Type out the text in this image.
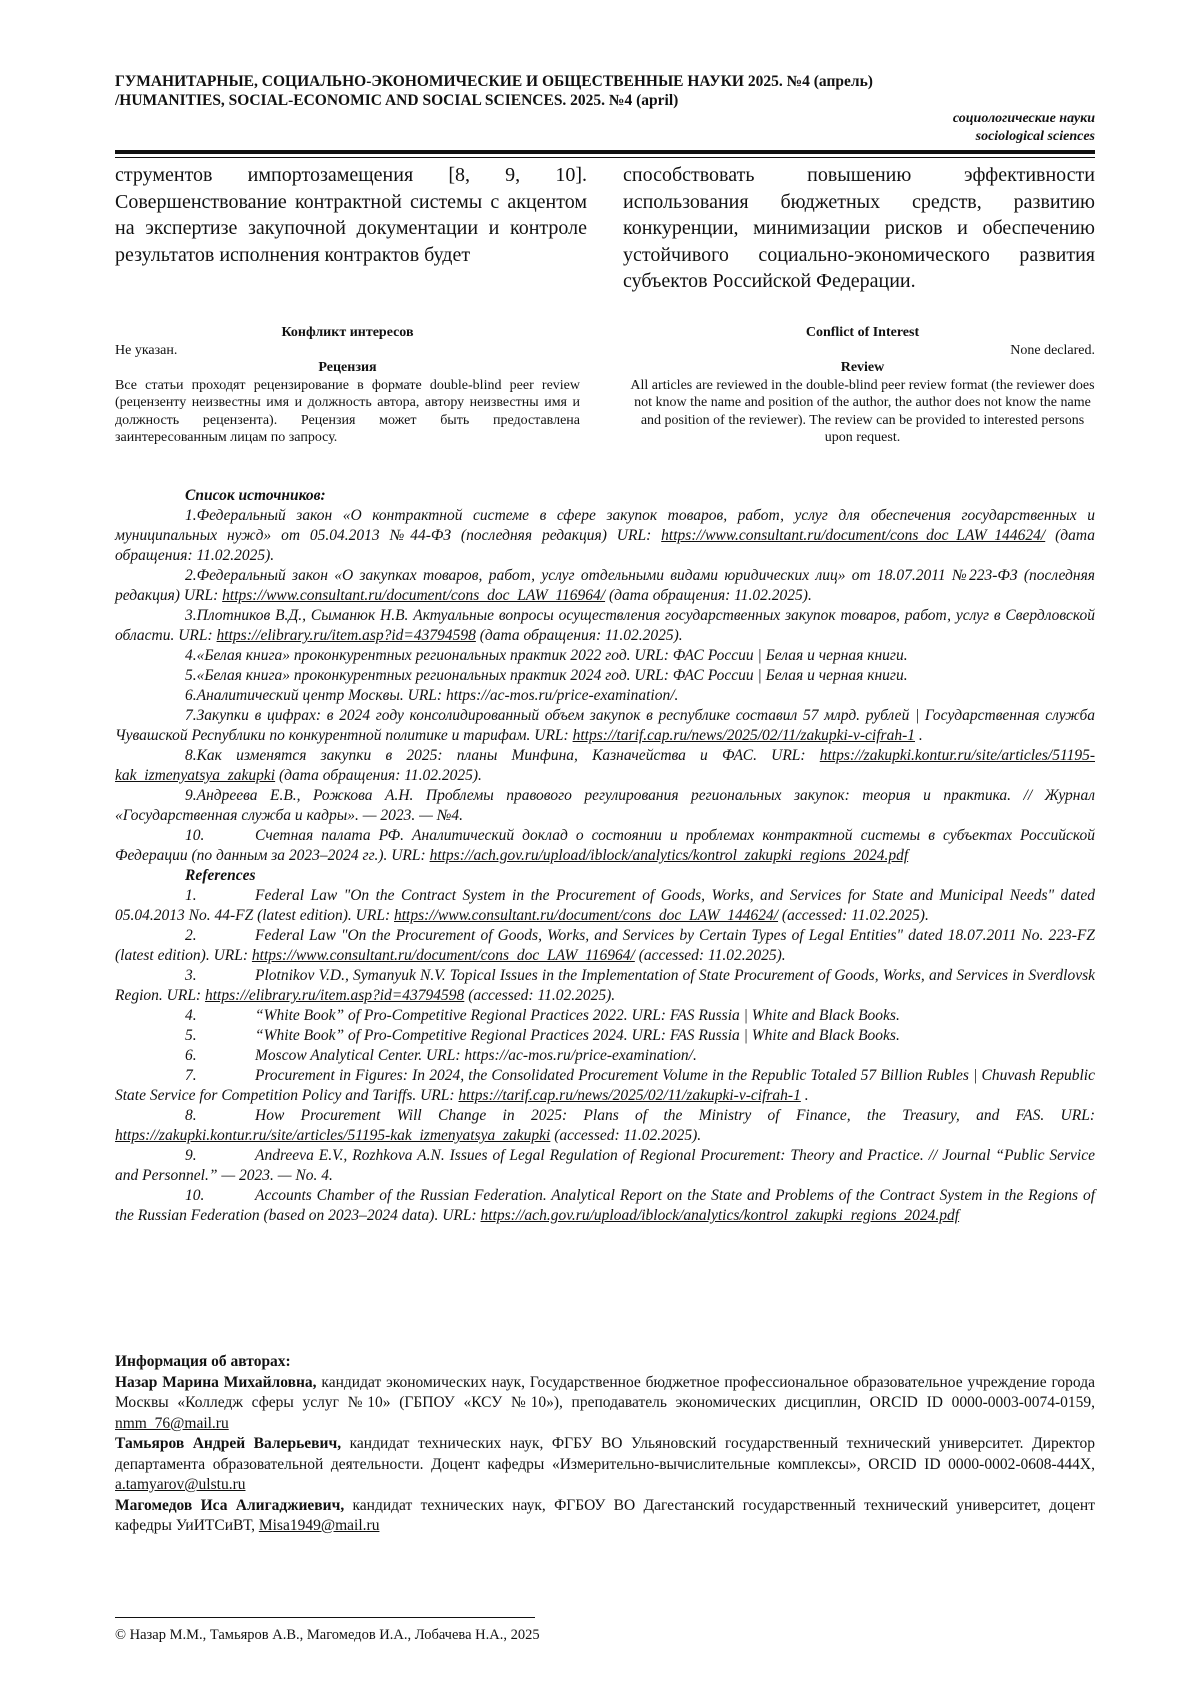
ГУМАНИТАРНЫЕ, СОЦИАЛЬНО-ЭКОНОМИЧЕСКИЕ И ОБЩЕСТВЕННЫЕ НАУКИ 2025. №4 (апрель)

/HUMANITIES, SOCIAL-ECONOMIC AND SOCIAL SCIENCES. 2025. №4 (april)

социологические науки
sociological sciences
струментов импортозамещения [8, 9, 10]. Совершенствование контрактной системы с акцентом на экспертизе закупочной документации и контроле результатов исполнения контрактов будет
способствовать повышению эффективности использования бюджетных средств, развитию конкуренции, минимизации рисков и обеспечению устойчивого социально-экономического развития субъектов Российской Федерации.
Конфликт интересов
Не указан.
Рецензия
Все статьи проходят рецензирование в формате double-blind peer review (рецензенту неизвестны имя и должность автора, автору неизвестны имя и должность рецензента). Рецензия может быть предоставлена заинтересованным лицам по запросу.
Conflict of Interest
None declared.
Review
All articles are reviewed in the double-blind peer review format (the reviewer does not know the name and position of the author, the author does not know the name and position of the reviewer). The review can be provided to interested persons upon request.
Список источников:

1.Федеральный закон «О контрактной системе в сфере закупок товаров, работ, услуг для обеспечения государственных и муниципальных нужд» от 05.04.2013 №44-ФЗ (последняя редакция) URL: https://www.consultant.ru/document/cons_doc_LAW_144624/ (дата обращения: 11.02.2025).

2.Федеральный закон «О закупках товаров, работ, услуг отдельными видами юридических лиц» от 18.07.2011 №223-ФЗ (последняя редакция) URL: https://www.consultant.ru/document/cons_doc_LAW_116964/ (дата обращения: 11.02.2025).

3.Плотников В.Д., Сыманюк Н.В. Актуальные вопросы осуществления государственных закупок товаров, работ, услуг в Свердловской области. URL: https://elibrary.ru/item.asp?id=43794598 (дата обращения: 11.02.2025).

4.«Белая книга» проконкурентных региональных практик 2022 год. URL: ФАС России | Белая и черная книги.

5.«Белая книга» проконкурентных региональных практик 2024 год. URL: ФАС России | Белая и черная книги.

6.Аналитический центр Москвы. URL: https://ac-mos.ru/price-examination/.

7.Закупки в цифрах: в 2024 году консолидированный объем закупок в республике составил 57 млрд. рублей | Государственная служба Чувашской Республики по конкурентной политике и тарифам. URL: https://tarif.cap.ru/news/2025/02/11/zakupki-v-cifrah-1 .

8.Как изменятся закупки в 2025: планы Минфина, Казначейства и ФАС. URL: https://zakupki.kontur.ru/site/articles/51195-kak_izmenyatsya_zakupki (дата обращения: 11.02.2025).

9.Андреева Е.В., Рожкова А.Н. Проблемы правового регулирования региональных закупок: теория и практика. // Журнал «Государственная служба и кадры». — 2023. — №4.

10.	Счетная палата РФ. Аналитический доклад о состоянии и проблемах контрактной системы в субъектах Российской Федерации (по данным за 2023–2024 гг.). URL: https://ach.gov.ru/upload/iblock/analytics/kontrol_zakupki_regions_2024.pdf

References

1.	Federal Law "On the Contract System in the Procurement of Goods, Works, and Services for State and Municipal Needs" dated 05.04.2013 No. 44-FZ (latest edition). URL: https://www.consultant.ru/document/cons_doc_LAW_144624/ (accessed: 11.02.2025).

2.	Federal Law "On the Procurement of Goods, Works, and Services by Certain Types of Legal Entities" dated 18.07.2011 No. 223-FZ (latest edition). URL: https://www.consultant.ru/document/cons_doc_LAW_116964/ (accessed: 11.02.2025).

3.	Plotnikov V.D., Symanyuk N.V. Topical Issues in the Implementation of State Procurement of Goods, Works, and Services in Sverdlovsk Region. URL: https://elibrary.ru/item.asp?id=43794598 (accessed: 11.02.2025).

4.	“White Book” of Pro-Competitive Regional Practices 2022. URL: FAS Russia | White and Black Books.

5.	“White Book” of Pro-Competitive Regional Practices 2024. URL: FAS Russia | White and Black Books.

6.	Moscow Analytical Center. URL: https://ac-mos.ru/price-examination/.

7.	Procurement in Figures: In 2024, the Consolidated Procurement Volume in the Republic Totaled 57 Billion Rubles | Chuvash Republic State Service for Competition Policy and Tariffs. URL: https://tarif.cap.ru/news/2025/02/11/zakupki-v-cifrah-1 .

8.	How Procurement Will Change in 2025: Plans of the Ministry of Finance, the Treasury, and FAS. URL: https://zakupki.kontur.ru/site/articles/51195-kak_izmenyatsya_zakupki (accessed: 11.02.2025).

9.	Andreeva E.V., Rozhkova A.N. Issues of Legal Regulation of Regional Procurement: Theory and Practice. // Journal “Public Service and Personnel.” — 2023. — No. 4.

10.	Accounts Chamber of the Russian Federation. Analytical Report on the State and Problems of the Contract System in the Regions of the Russian Federation (based on 2023–2024 data). URL: https://ach.gov.ru/upload/iblock/analytics/kontrol_zakupki_regions_2024.pdf

Информация об авторах:

Назар Марина Михайловна, кандидат экономических наук, Государственное бюджетное профессиональное образовательное учреждение города Москвы «Колледж сферы услуг №10» (ГБПОУ «КСУ №10»), преподаватель экономических дисциплин, ORCID ID 0000-0003-0074-0159, nmm_76@mail.ru

Тамьяров Андрей Валерьевич, кандидат технических наук, ФГБУ ВО Ульяновский государственный технический университет. Директор департамента образовательной деятельности. Доцент кафедры «Измерительно-вычислительные комплексы», ORCID ID 0000-0002-0608-444X, a.tamyarov@ulstu.ru

Магомедов Иса Алигаджиевич, кандидат технических наук, ФГБОУ ВО Дагестанский государственный технический университет, доцент кафедры УиИТСиВТ, Misa1949@mail.ru

© Назар М.М., Тамьяров А.В., Магомедов И.А., Лобачева Н.А., 2025
